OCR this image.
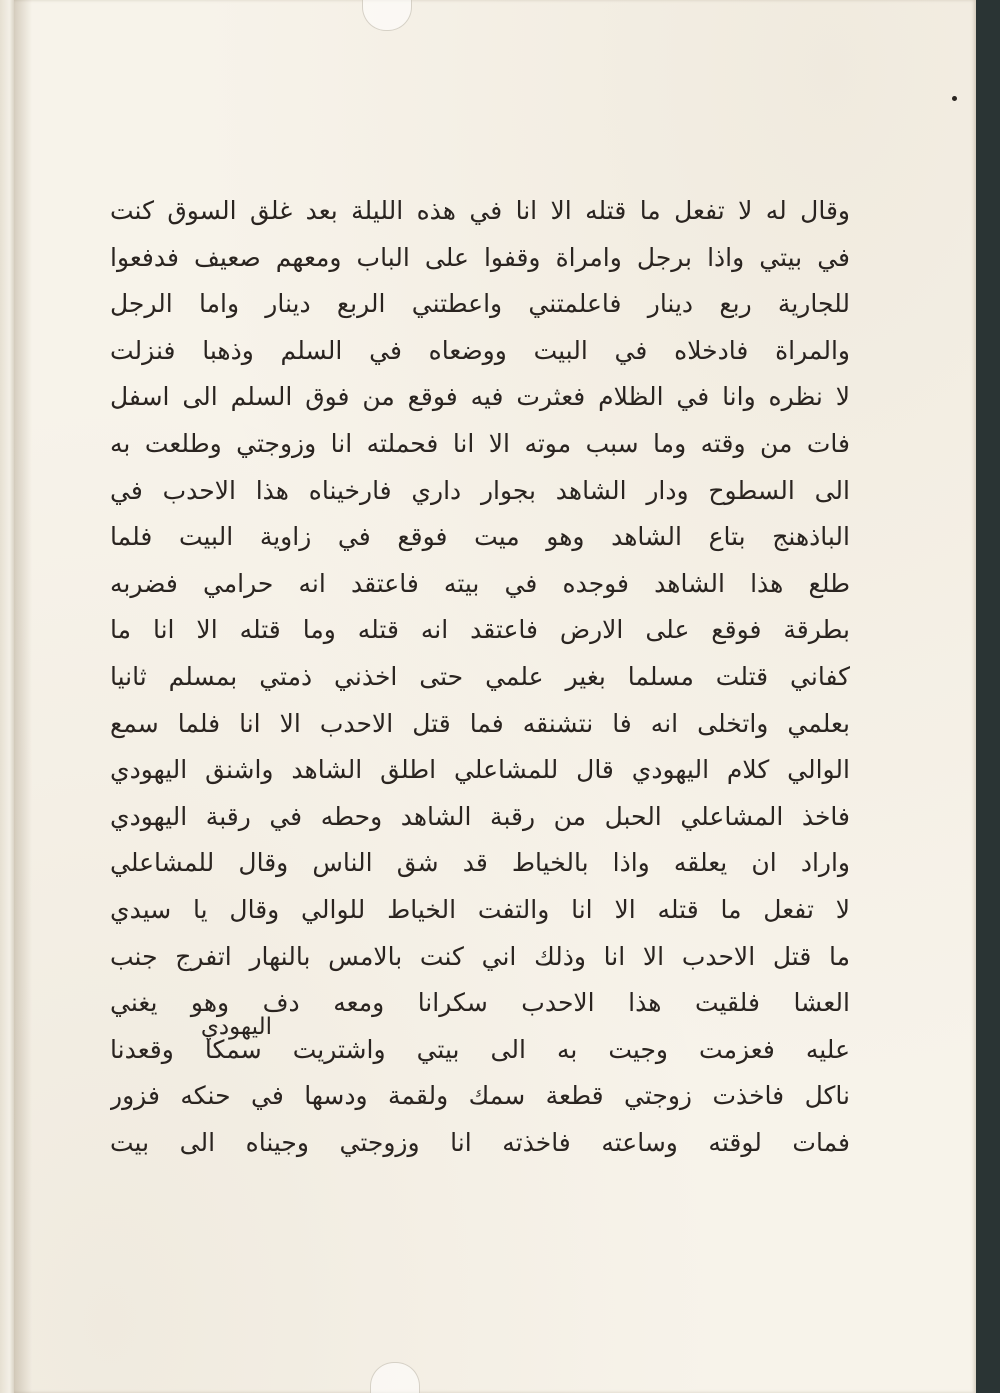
وقال له لا تفعل ما قتله الا انا في هذه الليلة بعد غلق السوق كنت
في بيتي واذا برجل وامراة وقفوا على الباب ومعهم صعيف فدفعوا
للجارية ربع دينار فاعلمتني واعطتني الربع دينار واما الرجل
والمراة فادخلاه في البيت ووضعاه في السلم وذهبا فنزلت
لا نظره وانا في الظلام فعثرت فيه فوقع من فوق السلم الى اسفل
فات من وقته وما سبب موته الا انا فحملته انا وزوجتي وطلعت به
الى السطوح ودار الشاهد بجوار داري فارخيناه هذا الاحدب في
الباذهنج بتاع الشاهد وهو ميت فوقع في زاوية البيت فلما
طلع هذا الشاهد فوجده في بيته فاعتقد انه حرامي فضربه
بطرقة فوقع على الارض فاعتقد انه قتله وما قتله الا انا ما
كفاني قتلت مسلما بغير علمي حتى اخذني ذمتي بمسلم ثانيا
بعلمي واتخلى انه فا نتشنقه فما قتل الاحدب الا انا فلما سمع
الوالي كلام اليهودي قال للمشاعلي اطلق الشاهد واشنق اليهودي
فاخذ المشاعلي الحبل من رقبة الشاهد وحطه في رقبة اليهودي
واراد ان يعلقه واذا بالخياط قد شق الناس وقال للمشاعلي
لا تفعل ما قتله الا انا والتفت الخياط للوالي وقال يا سيدي
ما قتل الاحدب الا انا وذلك اني كنت بالامس بالنهار اتفرج جنب
العشا فلقيت هذا الاحدب سكرانا ومعه دف وهو يغني
عليه فعزمت وجيت به الى بيتي واشتريت سمكا وقعدنا
ناكل فاخذت زوجتي قطعة سمك ولقمة ودسها في حنكه فزور
فمات لوقته وساعته فاخذته انا وزوجتي وجيناه الى بيت
اليهودي
